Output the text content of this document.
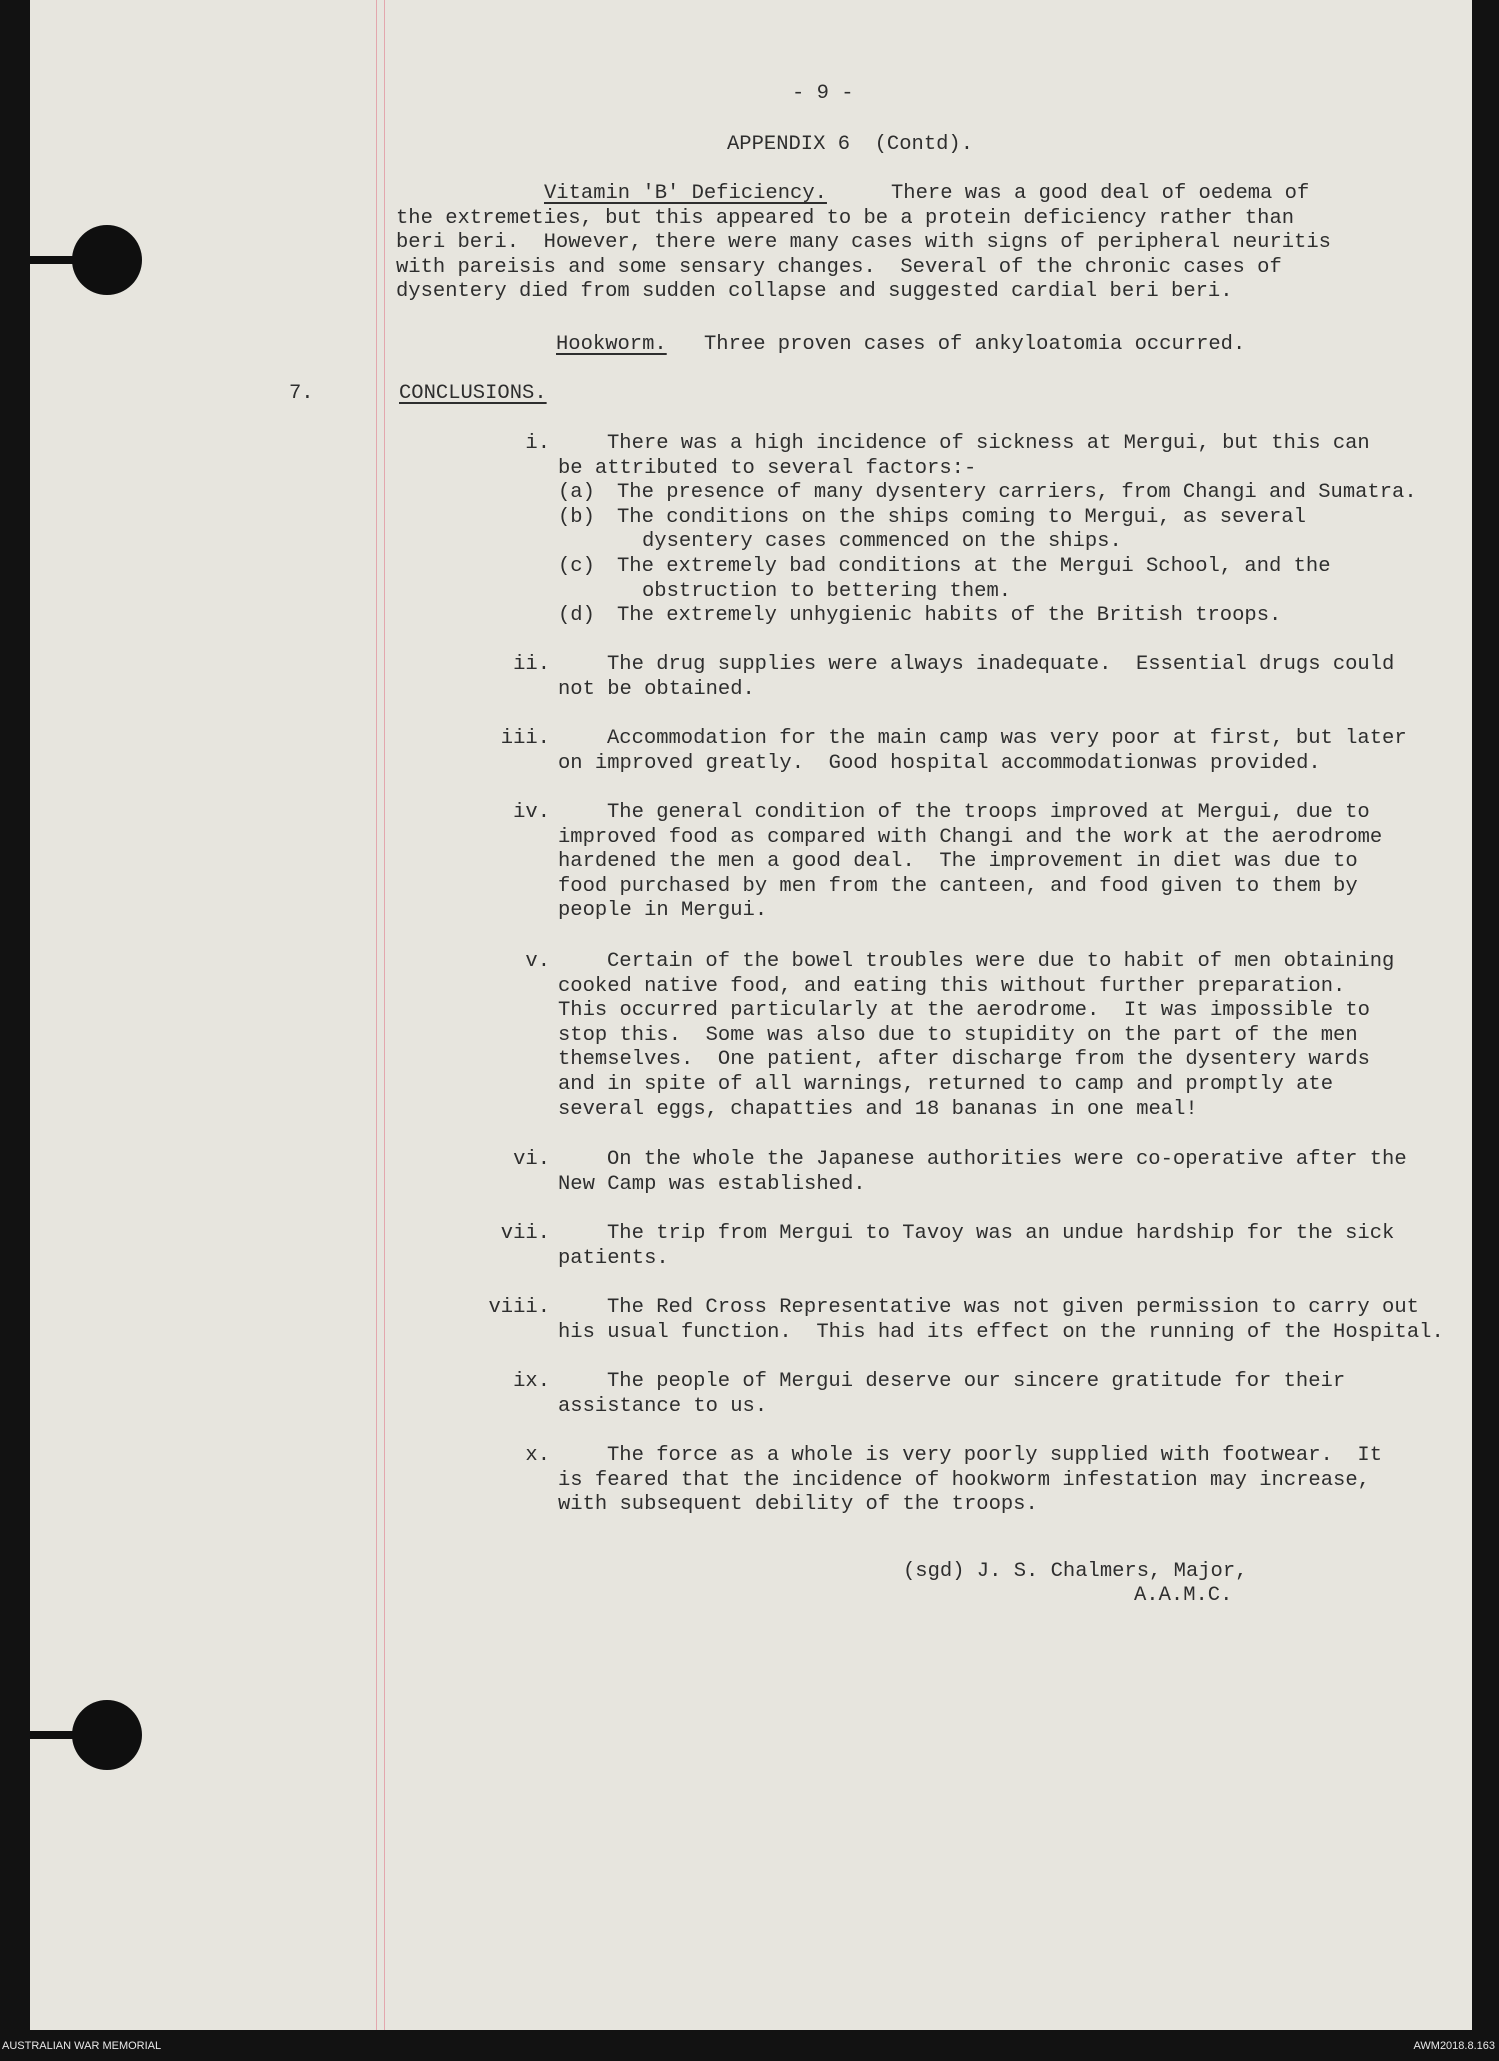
- 9 -

APPENDIX 6  (Contd).

Vitamin 'B' Deficiency.	There was a good deal of oedema of

the extremeties, but this appeared to be a protein deficiency rather than

beri beri.  However, there were many cases with signs of peripheral neuritis

with pareisis and some sensary changes.  Several of the chronic cases of

dysentery died from sudden collapse and suggested cardial beri beri.

Hookworm. Three proven cases of ankyloatomia occurred.

7.	CONCLUSIONS.

i.	There was a high incidence of sickness at Mergui, but this can

be attributed to several factors:-

(a) The presence of many dysentery carriers, from Changi and Sumatra.

(b) The conditions on the ships coming to Mergui, as several

dysentery cases commenced on the ships.

(c) The extremely bad conditions at the Mergui School, and the

obstruction to bettering them.

(d) The extremely unhygienic habits of the British troops.

ii.	The drug supplies were always inadequate.  Essential drugs could

not be obtained.

iii.	Accommodation for the main camp was very poor at first, but later

on improved greatly.  Good hospital accommodationwas provided.

iv.	The general condition of the troops improved at Mergui, due to

improved food as compared with Changi and the work at the aerodrome

hardened the men a good deal.  The improvement in diet was due to

food purchased by men from the canteen, and food given to them by

people in Mergui.

v.	Certain of the bowel troubles were due to habit of men obtaining

cooked native food, and eating this without further preparation.

This occurred particularly at the aerodrome.  It was impossible to

stop this.  Some was also due to stupidity on the part of the men

themselves.  One patient, after discharge from the dysentery wards

and in spite of all warnings, returned to camp and promptly ate

several eggs, chapatties and 18 bananas in one meal!

vi.	On the whole the Japanese authorities were co-operative after the

New Camp was established.

vii.	The trip from Mergui to Tavoy was an undue hardship for the sick

patients.

viii.	The Red Cross Representative was not given permission to carry out

his usual function.  This had its effect on the running of the Hospital.

ix.	The people of Mergui deserve our sincere gratitude for their

assistance to us.

x.	The force as a whole is very poorly supplied with footwear.  It

is feared that the incidence of hookworm infestation may increase,

with subsequent debility of the troops.

(sgd) J. S. Chalmers, Major,

A.A.M.C.

AUSTRALIAN WAR MEMORIAL	AWM2018.8.163
